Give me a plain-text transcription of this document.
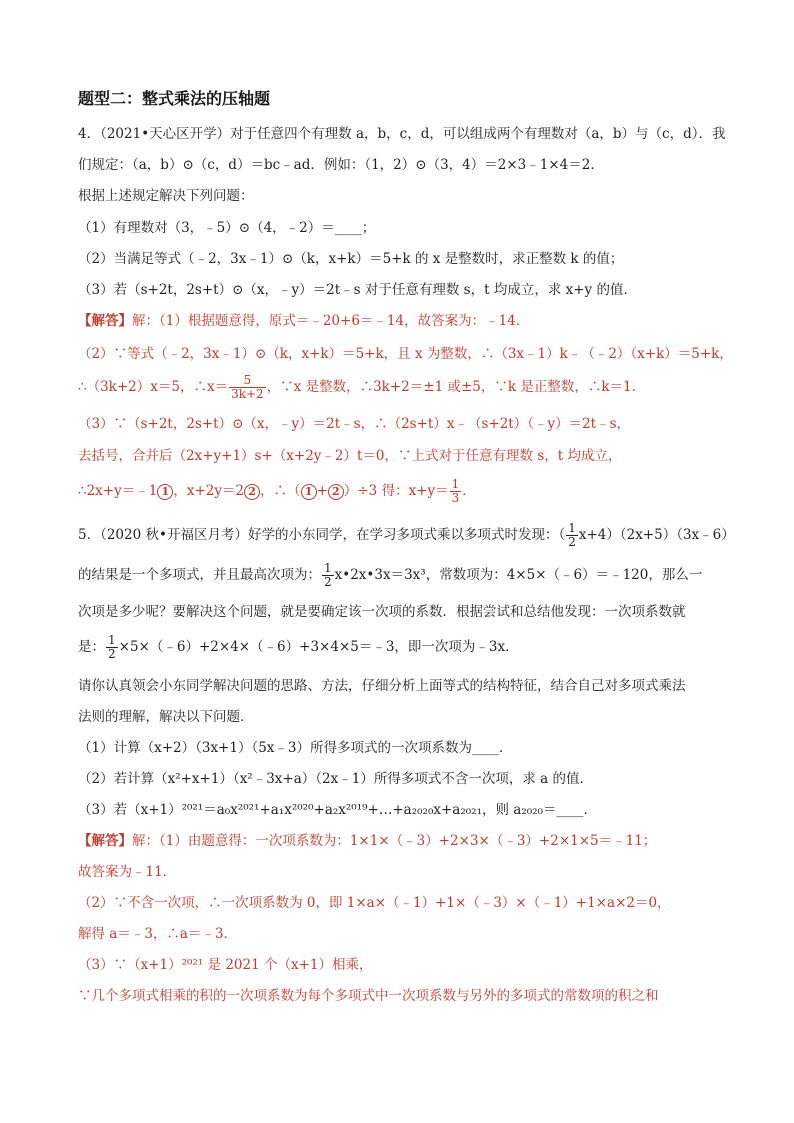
题型二：整式乘法的压轴题
4．（2021•天心区开学）对于任意四个有理数 a，b，c，d，可以组成两个有理数对（a，b）与（c，d）．我
们规定：（a，b）⊙（c，d）＝bc﹣ad．例如：（1，2）⊙（3，4）＝2×3﹣1×4＝2．
根据上述规定解决下列问题：
（1）有理数对（3，﹣5）⊙（4，﹣2）＝____；
（2）当满足等式（﹣2，3x﹣1）⊙（k，x+k）＝5+k 的 x 是整数时，求正整数 k 的值；
（3）若（s+2t，2s+t）⊙（x，﹣y）＝2t﹣s 对于任意有理数 s，t 均成立，求 x+y 的值．
【解答】解：（1）根据题意得，原式＝﹣20+6＝﹣14，故答案为：﹣14．
（2）∵等式（﹣2，3x﹣1）⊙（k，x+k）＝5+k，且 x 为整数，∴（3x﹣1）k﹣（﹣2）（x+k）＝5+k，
∴（3k+2）x＝5，∴x＝ $\frac{5}{3k+2}$ ，∵x 是整数，∴3k+2＝±1 或±5，∵k 是正整数，∴k＝1．
（3）∵（s+2t，2s+t）⊙（x，﹣y）＝2t﹣s，∴（2s+t）x﹣（s+2t）（﹣y）＝2t﹣s，
去括号，合并后（2x+y+1）s+（x+2y﹣2）t＝0，∵上式对于任意有理数 s，t 均成立，
∴2x+y＝﹣1 1 ，x+2y＝2 2 ，∴（ 1 + 2 ）÷3 得：$x+y= \frac{1}{3}$ ．
5．（2020 秋•开福区月考）好学的小东同学，在学习多项式乘以多项式时发现：（ $\frac{1}{2}$ x+4）（2x+5）（3x﹣6）
的结果是一个多项式，并且最高次项为： $\frac{1}{2}$ x•2x•3x＝3x³，常数项为：4×5×（﹣6）＝﹣120，那么一
次项是多少呢？要解决这个问题，就是要确定该一次项的系数．根据尝试和总结他发现：一次项系数就
是： $\frac{1}{2}$ ×5×（﹣6）+2×4×（﹣6）+3×4×5＝﹣3，即一次项为﹣3x．
请你认真领会小东同学解决问题的思路、方法，仔细分析上面等式的结构特征，结合自己对多项式乘法
法则的理解，解决以下问题．
（1）计算（x+2）（3x+1）（5x﹣3）所得多项式的一次项系数为____．
（2）若计算（x²+x+1）（x²﹣3x+a）（2x﹣1）所得多项式不含一次项，求 a 的值．
（3）若（x+1）²⁰²¹＝a₀x²⁰²¹+a₁x²⁰²⁰+a₂x²⁰¹⁹+…+a₂₀₂₀x+a₂₀₂₁，则 a₂₀₂₀＝____．
【解答】解：（1）由题意得：一次项系数为：1×1×（﹣3）+2×3×（﹣3）+2×1×5＝﹣11；
故答案为﹣11．
（2）∵不含一次项，∴一次项系数为 0，即 1×a×（﹣1）+1×（﹣3）×（﹣1）+1×a×2＝0，
解得 a＝﹣3，∴a＝﹣3．
（3）∵（x+1）²⁰²¹ 是 2021 个（x+1）相乘，
∵几个多项式相乘的积的一次项系数为每个多项式中一次项系数与另外的多项式的常数项的积之和
